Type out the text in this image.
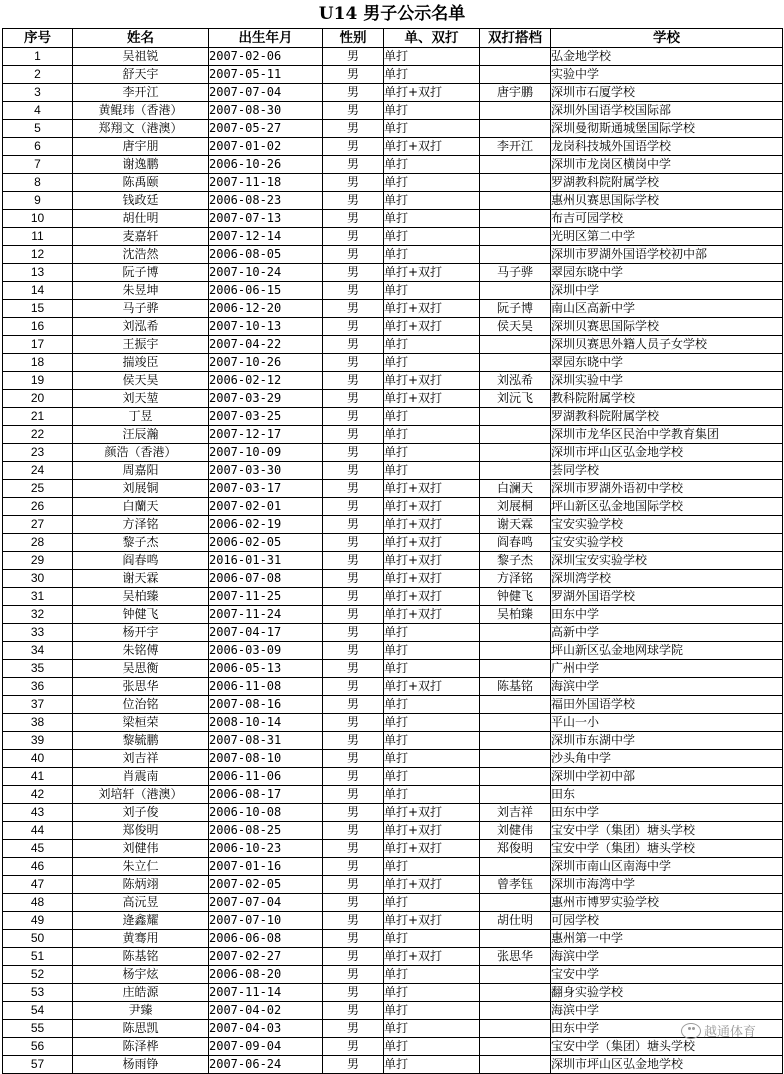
U14 男子公示名单
序号	姓名	出生年月	性别	单、双打	双打搭档	学校
1	吴祖锐	2007-02-06	男	单打		弘金地学校
2	舒天宇	2007-05-11	男	单打		实验中学
3	李开江	2007-07-04	男	单打+双打	唐宇鹏	深圳市石厦学校
4	黄鲲玮（香港）	2007-08-30	男	单打		深圳外国语学校国际部
5	郑翔文（港澳）	2007-05-27	男	单打		深圳曼彻斯通城堡国际学校
6	唐宇朋	2007-01-02	男	单打+双打	李开江	龙岗科技城外国语学校
7	谢逸鹏	2006-10-26	男	单打		深圳市龙岗区横岗中学
8	陈禹颐	2007-11-18	男	单打		罗湖教科院附属学校
9	钱政廷	2006-08-23	男	单打		惠州贝赛思国际学校
10	胡仕明	2007-07-13	男	单打		布吉可园学校
11	麦嘉轩	2007-12-14	男	单打		光明区第二中学
12	沈浩然	2006-08-05	男	单打		深圳市罗湖外国语学校初中部
13	阮子博	2007-10-24	男	单打+双打	马子骅	翠园东晓中学
14	朱昱坤	2006-06-15	男	单打		深圳中学
15	马子骅	2006-12-20	男	单打+双打	阮子博	南山区高新中学
16	刘泓希	2007-10-13	男	单打+双打	侯天昊	深圳贝赛思国际学校
17	王振宇	2007-04-22	男	单打		深圳贝赛思外籍人员子女学校
18	揣竣臣	2007-10-26	男	单打		翠园东晓中学
19	侯天昊	2006-02-12	男	单打+双打	刘泓希	深圳实验中学
20	刘天堃	2007-03-29	男	单打+双打	刘沅飞	教科院附属学校
21	丁昱	2007-03-25	男	单打		罗湖教科院附属学校
22	汪辰瀚	2007-12-17	男	单打		深圳市龙华区民治中学教育集团
23	颜浩（香港）	2007-10-09	男	单打		深圳市坪山区弘金地学校
24	周嘉阳	2007-03-30	男	单打		荟同学校
25	刘展铜	2007-03-17	男	单打+双打	白澜天	深圳市罗湖外语初中学校
26	白蘭天	2007-02-01	男	单打+双打	刘展桐	坪山新区弘金地国际学校
27	方泽铭	2006-02-19	男	单打+双打	谢天霖	宝安实验学校
28	黎子杰	2006-02-05	男	单打+双打	阎春鸣	宝安实验学校
29	阎春鸣	2016-01-31	男	单打+双打	黎子杰	深圳宝安实验学校
30	谢天霖	2006-07-08	男	单打+双打	方泽铭	深圳湾学校
31	吴柏臻	2007-11-25	男	单打+双打	钟健飞	罗湖外国语学校
32	钟健飞	2007-11-24	男	单打+双打	吴柏臻	田东中学
33	杨开宇	2007-04-17	男	单打		高新中学
34	朱铭傅	2006-03-09	男	单打		坪山新区弘金地网球学院
35	吴思衡	2006-05-13	男	单打		广州中学
36	张思华	2006-11-08	男	单打+双打	陈基铭	海滨中学
37	位治铭	2007-08-16	男	单打		福田外国语学校
38	梁桓荣	2008-10-14	男	单打		平山一小
39	黎毓鹏	2007-08-31	男	单打		深圳市东湖中学
40	刘吉祥	2007-08-10	男	单打		沙头角中学
41	肖震南	2006-11-06	男	单打		深圳中学初中部
42	刘培轩（港澳）	2006-08-17	男	单打		田东
43	刘子俊	2006-10-08	男	单打+双打	刘吉祥	田东中学
44	郑俊明	2006-08-25	男	单打+双打	刘健伟	宝安中学（集团）塘头学校
45	刘健伟	2006-10-23	男	单打+双打	郑俊明	宝安中学（集团）塘头学校
46	朱立仁	2007-01-16	男	单打		深圳市南山区南海中学
47	陈炳翊	2007-02-05	男	单打+双打	曾孝钰	深圳市海湾中学
48	高沅昱	2007-07-04	男	单打		惠州市博罗实验学校
49	逄鑫耀	2007-07-10	男	单打+双打	胡仕明	可园学校
50	黄骞用	2006-06-08	男	单打		惠州第一中学
51	陈基铭	2007-02-27	男	单打+双打	张思华	海滨中学
52	杨宇炫	2006-08-20	男	单打		宝安中学
53	庄皓源	2007-11-14	男	单打		翻身实验学校
54	尹臻	2007-04-02	男	单打		海滨中学
55	陈思凯	2007-04-03	男	单打		田东中学
56	陈泽桦	2007-09-04	男	单打		宝安中学（集团）塘头学校
57	杨雨铮	2007-06-24	男	单打		深圳市坪山区弘金地学校
越通体育
